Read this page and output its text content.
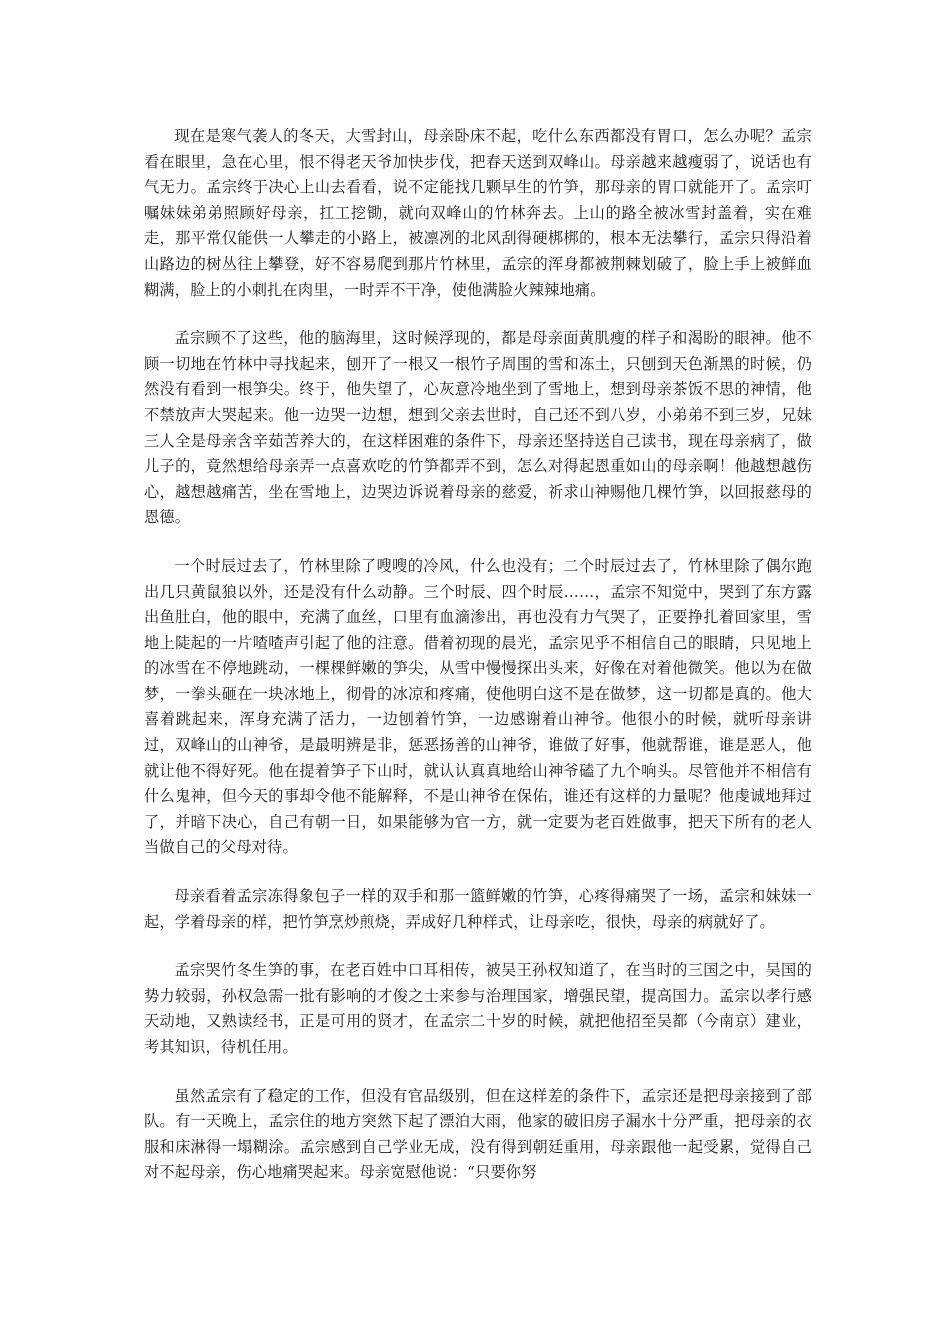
现在是寒气袭人的冬天，大雪封山，母亲卧床不起，吃什么东西都没有胃口，怎么办呢？孟宗看在眼里，急在心里，恨不得老天爷加快步伐，把春天送到双峰山。母亲越来越瘦弱了，说话也有气无力。孟宗终于决心上山去看看，说不定能找几颗早生的竹笋，那母亲的胃口就能开了。孟宗叮嘱妹妹弟弟照顾好母亲，扛工挖锄，就向双峰山的竹林奔去。上山的路全被冰雪封盖着，实在难走，那平常仅能供一人攀走的小路上，被凛冽的北风刮得硬梆梆的，根本无法攀行，孟宗只得沿着山路边的树丛往上攀登，好不容易爬到那片竹林里，孟宗的浑身都被荆棘划破了，脸上手上被鲜血糊满，脸上的小刺扎在肉里，一时弄不干净，使他满脸火辣辣地痛。

孟宗顾不了这些，他的脑海里，这时候浮现的，都是母亲面黄肌瘦的样子和渴盼的眼神。他不顾一切地在竹林中寻找起来，刨开了一根又一根竹子周围的雪和冻土，只刨到天色渐黑的时候，仍然没有看到一根笋尖。终于，他失望了，心灰意冷地坐到了雪地上，想到母亲茶饭不思的神情，他不禁放声大哭起来。他一边哭一边想，想到父亲去世时，自己还不到八岁，小弟弟不到三岁，兄妹三人全是母亲含辛茹苦养大的，在这样困难的条件下，母亲还坚持送自己读书，现在母亲病了，做儿子的，竟然想给母亲弄一点喜欢吃的竹笋都弄不到，怎么对得起恩重如山的母亲啊！他越想越伤心，越想越痛苦，坐在雪地上，边哭边诉说着母亲的慈爱，祈求山神赐他几棵竹笋，以回报慈母的恩德。

一个时辰过去了，竹林里除了嗖嗖的冷风，什么也没有；二个时辰过去了，竹林里除了偶尔跑出几只黄鼠狼以外，还是没有什么动静。三个时辰、四个时辰……，孟宗不知觉中，哭到了东方露出鱼肚白，他的眼中，充满了血丝，口里有血滴渗出，再也没有力气哭了，正要挣扎着回家里，雪地上陡起的一片喳喳声引起了他的注意。借着初现的晨光，孟宗见乎不相信自己的眼睛，只见地上的冰雪在不停地跳动，一棵棵鲜嫩的笋尖，从雪中慢慢探出头来，好像在对着他微笑。他以为在做梦，一拳头砸在一块冰地上，彻骨的冰凉和疼痛，使他明白这不是在做梦，这一切都是真的。他大喜着跳起来，浑身充满了活力，一边刨着竹笋，一边感谢着山神爷。他很小的时候，就听母亲讲过，双峰山的山神爷，是最明辨是非，惩恶扬善的山神爷，谁做了好事，他就帮谁，谁是恶人，他就让他不得好死。他在提着笋子下山时，就认认真真地给山神爷磕了九个响头。尽管他并不相信有什么鬼神，但今天的事却令他不能解释，不是山神爷在保佑，谁还有这样的力量呢？他虔诚地拜过了，并暗下决心，自己有朝一日，如果能够为官一方，就一定要为老百姓做事，把天下所有的老人当做自己的父母对待。

母亲看着孟宗冻得象包子一样的双手和那一篮鲜嫩的竹笋，心疼得痛哭了一场，孟宗和妹妹一起，学着母亲的样，把竹笋烹炒煎烧，弄成好几种样式，让母亲吃，很快，母亲的病就好了。

孟宗哭竹冬生笋的事，在老百姓中口耳相传，被吴王孙权知道了，在当时的三国之中，吴国的势力较弱，孙权急需一批有影响的才俊之士来参与治理国家，增强民望，提高国力。孟宗以孝行感天动地，又熟读经书，正是可用的贤才，在孟宗二十岁的时候，就把他招至吴都（今南京）建业，考其知识，待机任用。

虽然孟宗有了稳定的工作，但没有官品级别，但在这样差的条件下，孟宗还是把母亲接到了部队。有一天晚上，孟宗住的地方突然下起了漂泊大雨，他家的破旧房子漏水十分严重，把母亲的衣服和床淋得一塌糊涂。孟宗感到自己学业无成，没有得到朝廷重用，母亲跟他一起受累，觉得自己对不起母亲，伤心地痛哭起来。母亲宽慰他说：“只要你努
